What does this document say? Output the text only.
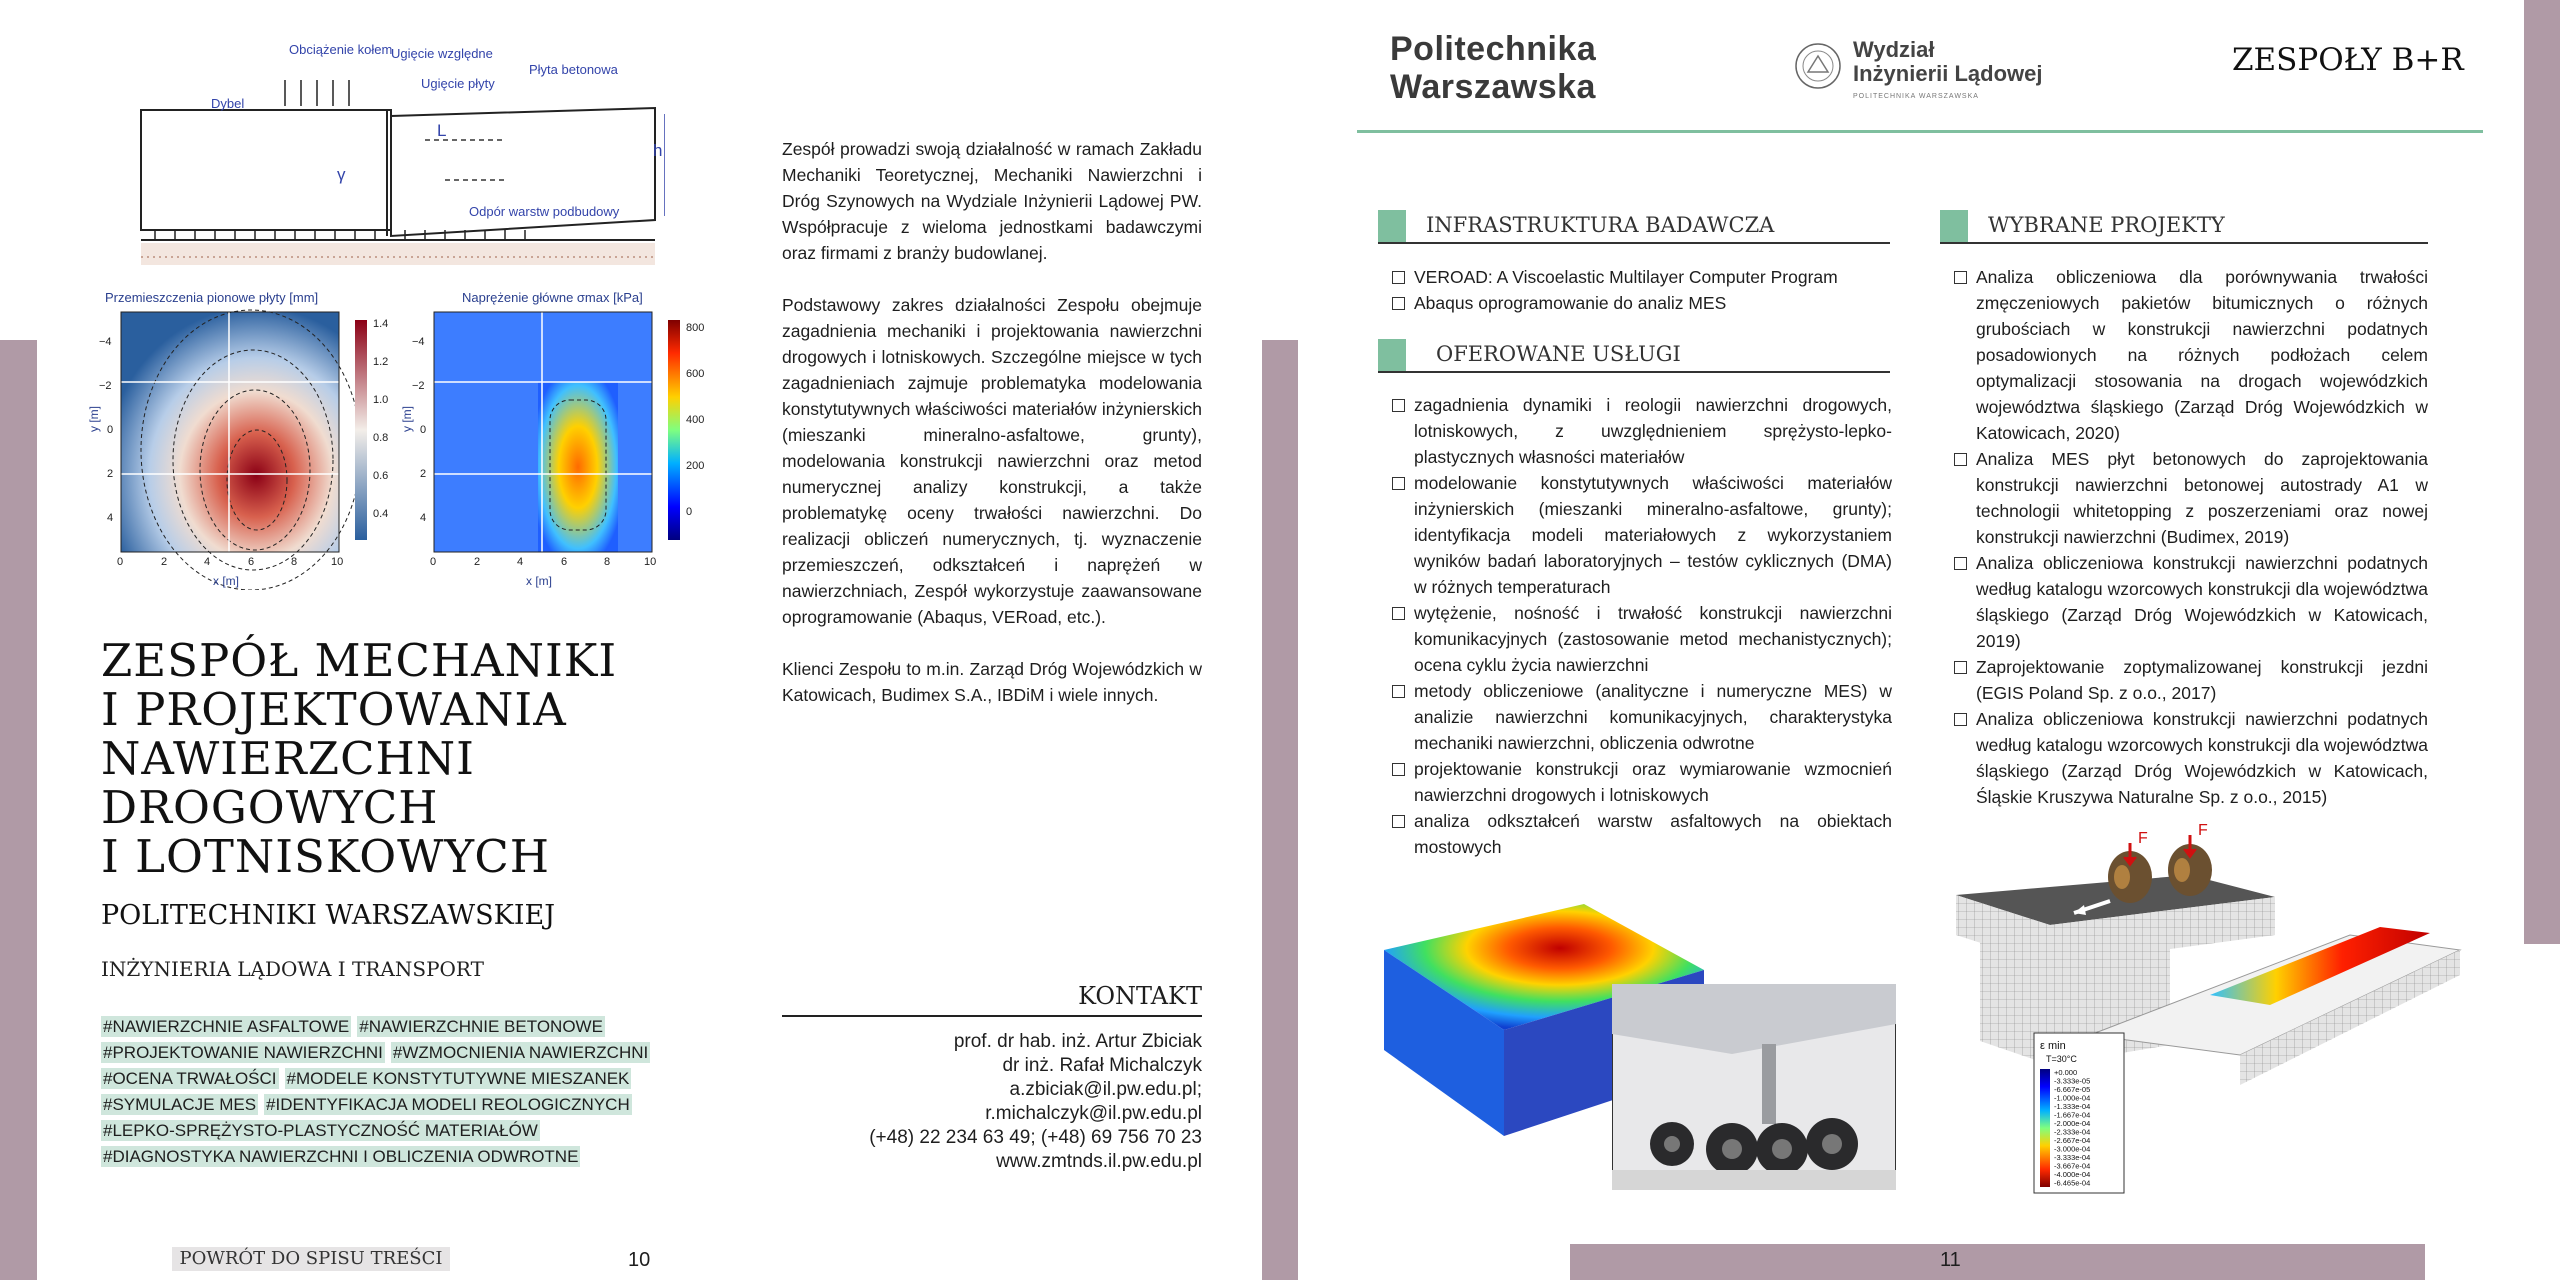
h
L
γ
Obciążenie kołem
Ugięcie względne
Ugięcie płyty
Płyta betonowa
Dybel
Odpór warstw podbudowy
Przemieszczenia pionowe płyty [mm]	Naprężenie główne σmax [kPa]
x [m]	x [m]
0	2	4	6	8	10	0	2	4	6	8	10
y [m]
−4
−2
0
2
4
y [m]
−4
−2
0
2
4
1.4
1.2
1.0
0.8
0.6
0.4
800
600
400
200
0

Zespół prowadzi swoją działalność w ramach Zakładu Mechaniki Teoretycznej, Mechaniki Nawierzchni i Dróg Szynowych na Wydziale Inżynierii Lądowej PW. Współpracuje z wieloma jednostkami badawczymi oraz firmami z branży budowlanej.

Podstawowy zakres działalności Zespołu obejmuje zagadnienia mechaniki i projektowania nawierzchni drogowych i lotniskowych. Szczególne miejsce w tych zagadnieniach zajmuje problematyka modelowania konstytutywnych właściwości materiałów inżynierskich (mieszanki mineralno-asfaltowe, grunty), modelowania konstrukcji nawierzchni oraz metod numerycznej analizy konstrukcji, a także problematykę oceny trwałości nawierzchni. Do realizacji obliczeń numerycznych, tj. wyznaczenie przemieszczeń, odkształceń i naprężeń w nawierzchniach, Zespół wykorzystuje zaawansowane oprogramowanie (Abaqus, VERoad, etc.).

Klienci Zespołu to m.in. Zarząd Dróg Wojewódzkich w Katowicach, Budimex S.A., IBDiM i wiele innych.

ZESPÓŁ MECHANIKI
I PROJEKTOWANIA
NAWIERZCHNI
DROGOWYCH
I LOTNISKOWYCH
POLITECHNIKI WARSZAWSKIEJ
INŻYNIERIA LĄDOWA I TRANSPORT
#NAWIERZCHNIE ASFALTOWE #NAWIERZCHNIE BETONOWE
#PROJEKTOWANIE NAWIERZCHNI #WZMOCNIENIA NAWIERZCHNI
#OCENA TRWAŁOŚCI #MODELE KONSTYTUTYWNE MIESZANEK
#SYMULACJE MES #IDENTYFIKACJA MODELI REOLOGICZNYCH
#LEPKO-SPRĘŻYSTO-PLASTYCZNOŚĆ MATERIAŁÓW
#DIAGNOSTYKA NAWIERZCHNI I OBLICZENIA ODWROTNE
KONTAKT
prof. dr hab. inż. Artur Zbiciak
dr inż. Rafał Michalczyk
a.zbiciak@il.pw.edu.pl;
r.michalczyk@il.pw.edu.pl
(+48) 22 234 63 49; (+48) 69 756 70 23
www.zmtnds.il.pw.edu.pl
POWRÓT DO SPISU TREŚCI	10
Politechnika
Warszawska
Wydział
Inżynierii Lądowej
POLITECHNIKA WARSZAWSKA
ZESPOŁY B+R
INFRASTRUKTURA BADAWCZA
VEROAD: A Viscoelastic Multilayer Computer Program
Abaqus oprogramowanie do analiz MES
OFEROWANE USŁUGI
zagadnienia dynamiki i reologii nawierzchni drogowych, lotniskowych, z uwzględnieniem sprężysto-lepko-plastycznych własności materiałów
modelowanie konstytutywnych właściwości materiałów inżynierskich (mieszanki mineralno-asfaltowe, grunty); identyfikacja modeli materiałowych z wykorzystaniem wyników badań laboratoryjnych – testów cyklicznych (DMA) w różnych temperaturach
wytężenie, nośność i trwałość konstrukcji nawierzchni komunikacyjnych (zastosowanie metod mechanistycznych); ocena cyklu życia nawierzchni
metody obliczeniowe (analityczne i numeryczne MES) w analizie nawierzchni komunikacyjnych, charakterystyka mechaniki nawierzchni, obliczenia odwrotne
projektowanie konstrukcji oraz wymiarowanie wzmocnień nawierzchni drogowych i lotniskowych
analiza odkształceń warstw asfaltowych na obiektach mostowych
WYBRANE PROJEKTY
Analiza obliczeniowa dla porównywania trwałości zmęczeniowych pakietów bitumicznych o różnych grubościach w konstrukcji nawierzchni podatnych posadowionych na różnych podłożach celem optymalizacji stosowania na drogach wojewódzkich województwa śląskiego (Zarząd Dróg Wojewódzkich w Katowicach, 2020)
Analiza MES płyt betonowych do zaprojektowania konstrukcji nawierzchni betonowej autostrady A1 w technologii whitetopping z poszerzeniami oraz nowej konstrukcji nawierzchni (Budimex, 2019)
Analiza obliczeniowa konstrukcji nawierzchni podatnych według katalogu wzorcowych konstrukcji dla województwa śląskiego (Zarząd Dróg Wojewódzkich w Katowicach, 2019)
Zaprojektowanie zoptymalizowanej konstrukcji jezdni (EGIS Poland Sp. z o.o., 2017)
Analiza obliczeniowa konstrukcji nawierzchni podatnych według katalogu wzorcowych konstrukcji dla województwa śląskiego (Zarząd Dróg Wojewódzkich w Katowicach, Śląskie Kruszywa Naturalne Sp. z o.o., 2015)
F	F
ε min
T=30°C
+0.000
-3.333e-05
-6.667e-05
-1.000e-04
-1.333e-04
-1.667e-04
-2.000e-04
-2.333e-04
-2.667e-04
-3.000e-04
-3.333e-04
-3.667e-04
-4.000e-04
-6.465e-04
11
